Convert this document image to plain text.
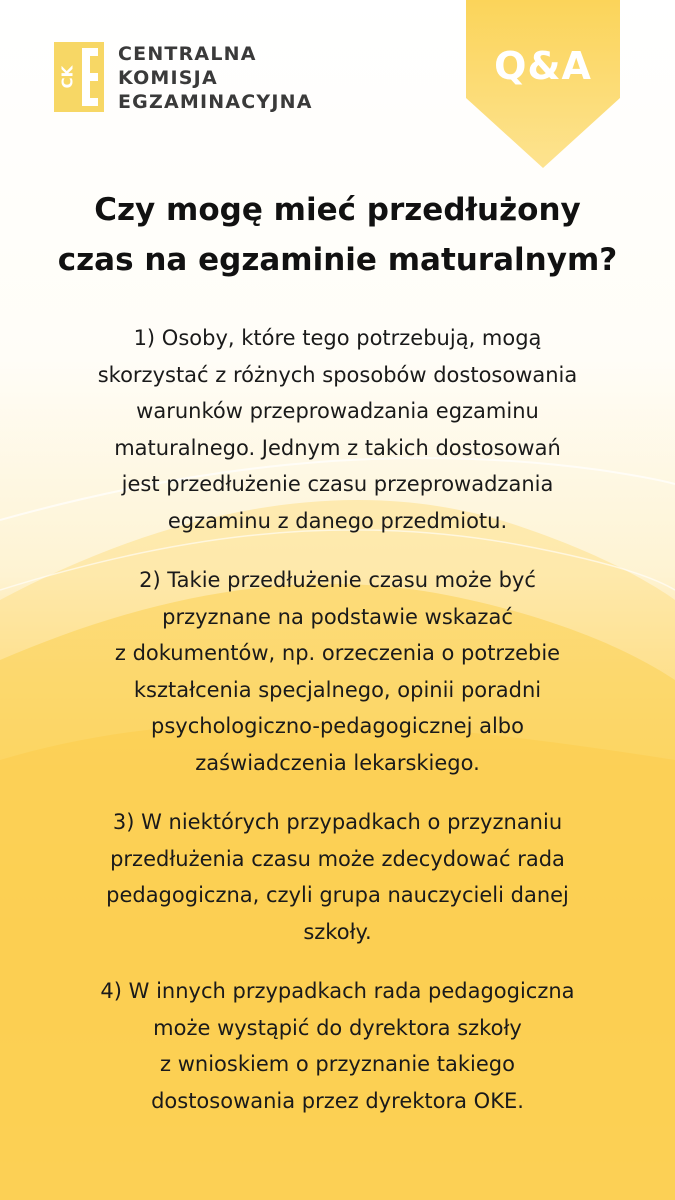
CK
CENTRALNA
KOMISJA
EGZAMINACYJNA
Q&A
Czy mogę mieć przedłużony
czas na egzaminie maturalnym?
1) Osoby, które tego potrzebują, mogą
skorzystać z różnych sposobów dostosowania
warunków przeprowadzania egzaminu
maturalnego. Jednym z takich dostosowań
jest przedłużenie czasu przeprowadzania
egzaminu z danego przedmiotu.
2) Takie przedłużenie czasu może być
przyznane na podstawie wskazać
z dokumentów, np. orzeczenia o potrzebie
kształcenia specjalnego, opinii poradni
psychologiczno-pedagogicznej albo
zaświadczenia lekarskiego.
3) W niektórych przypadkach o przyznaniu
przedłużenia czasu może zdecydować rada
pedagogiczna, czyli grupa nauczycieli danej
szkoły.
4) W innych przypadkach rada pedagogiczna
może wystąpić do dyrektora szkoły
z wnioskiem o przyznanie takiego
dostosowania przez dyrektora OKE.
